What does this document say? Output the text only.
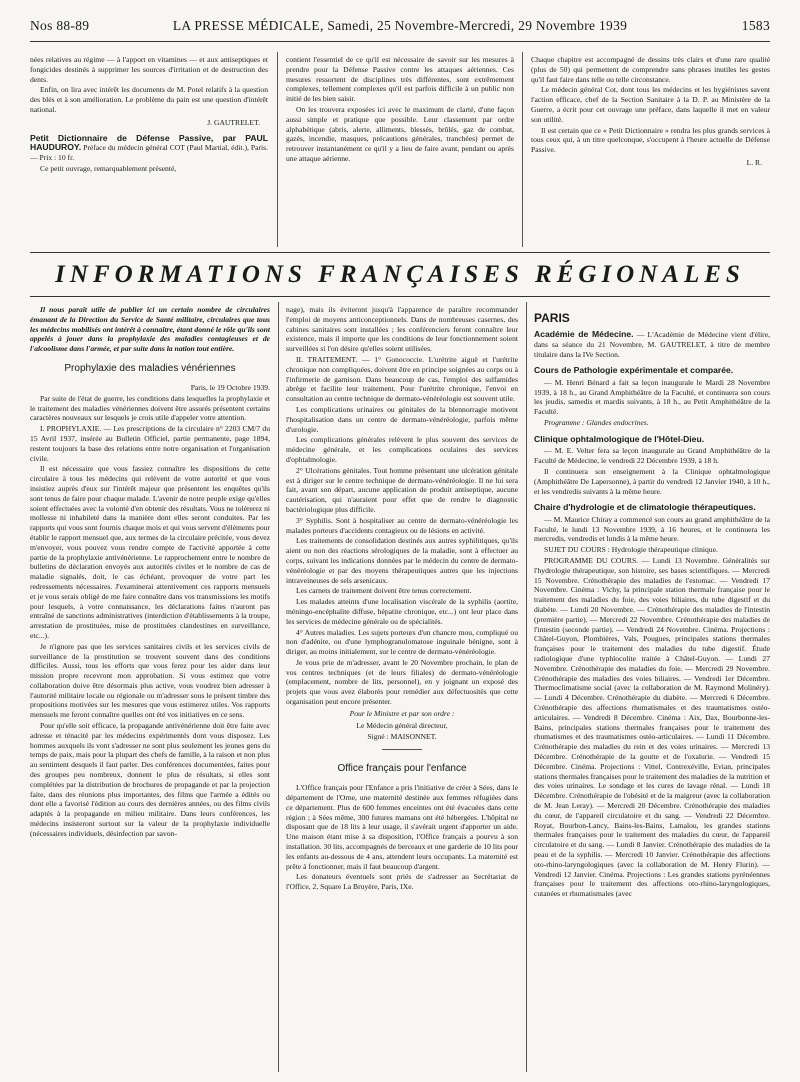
Nos 88-89	LA PRESSE MÉDICALE, Samedi, 25 Novembre-Mercredi, 29 Novembre 1939	1583

nées relatives au régime — à l'apport en vitamines — et aux antiseptiques et fongicides destinés à supprimer les sources d'irritation et de destruction des dents.

Enfin, on lira avec intérêt les documents de M. Potel relatifs à la question des blés et à son amélioration. Le problème du pain est une question d'intérêt national.

J. GAUTRELET.

Petit Dictionnaire de Défense Passive, par PAUL HAUDUROY. Préface du médecin général COT (Paul Martial, édit.), Paris. — Prix : 10 fr.

Ce petit ouvrage, remarquablement présenté,

contient l'essentiel de ce qu'il est nécessaire de savoir sur les mesures à prendre pour la Défense Passive contre les attaques aériennes. Ces mesures ressortent de disciplines très différentes, sont extrêmement complexes, tellement complexes qu'il est parfois difficile à un public non initié de les bien saisir.

On les trouvera exposées ici avec le maximum de clarté, d'une façon aussi simple et pratique que possible. Leur classement par ordre alphabétique (abris, alerte, alliments, blessés, brûlés, gaz de combat, gazés, incendie, masques, précautions générales, tranchées) permet de retrouver instantanément ce qu'il y a lieu de faire avant, pendant ou après une attaque aérienne.

Chaque chapitre est accompagné de dessins très clairs et d'une rare qualité (plus de 50) qui permettent de comprendre sans phrases inutiles les gestes qu'il faut faire dans telle ou telle circonstance.

Le médecin général Cot, dont tous les médecins et les hygiénistes savent l'action efficace, chef de la Section Sanitaire à la D. P. au Ministère de la Guerre, a écrit pour cet ouvrage une préface, dans laquelle il met en valeur son utilité.

Il est certain que ce « Petit Dictionnaire » rendra les plus grands services à tous ceux qui, à un titre quelconque, s'occupent à l'heure actuelle de Défense Passive.

L. R.

INFORMATIONS FRANÇAISES RÉGIONALES

Il nous paraît utile de publier ici un certain nombre de circulaires émanant de la Direction du Service de Santé militaire, circulaires que tous les médecins mobilisés ont intérêt à connaître, étant donné le rôle qu'ils sont appelés à jouer dans la prophylaxie des maladies contagieuses et de l'alcoolisme dans l'armée, et par suite dans la nation tout entière.

Prophylaxie des maladies vénériennes

Paris, le 19 Octobre 1939.

Par suite de l'état de guerre, les conditions dans lesquelles la prophylaxie et le traitement des maladies vénériennes doivent être assurés présentent certains caractères nouveaux sur lesquels je crois utile d'appeler votre attention.

I. PROPHYLAXIE. — Les prescriptions de la circulaire n° 2203 CM/7 du 15 Avril 1937, insérée au Bulletin Officiel, partie permanente, page 1894, restent toujours la base des relations entre notre organisation et l'organisation civile.

Il est nécessaire que vous fassiez connaître les dispositions de cette circulaire à tous les médecins qui relèvent de votre autorité et que vous insistiez auprès d'eux sur l'intérêt majeur que présentent les enquêtes qu'ils sont tenus de faire pour chaque malade. L'avenir de notre peuple exige qu'elles soient effectuées avec la volonté d'en obtenir des résultats. Vous ne tolérerez ni mollesse ni inhabileté dans la manière dont elles seront conduites. Par les rapports qui vous sont fournis chaque mois et qui vous servent d'éléments pour établir le rapport mensuel que, aux termes de la circulaire précitée, vous devez m'envoyer, vous pouvez vous rendre compte de l'activité apportée à cette partie de la prophylaxie antivénérienne. Le rapprochement entre le nombre de bulletins de déclaration envoyés aux autorités civiles et le nombre de cas de maladie signalés, doit, le cas échéant, provoquer de votre part les redressements nécessaires. J'examinerai attentivement ces rapports mensuels et je vous serais obligé de me faire connaître dans vos transmissions les motifs pour lesquels, à votre connaissance, les déclarations faites n'auront pas entraîné de sanctions administratives (interdiction d'établissements à la troupe, arrestation de prostituées, mise de prostituées clandestines en surveillance, etc...).

Je n'ignore pas que les services sanitaires civils et les services civils de surveillance de la prostitution se trouvent souvent dans des conditions difficiles. Aussi, tous les efforts que vous ferez pour les aider dans leur mission propre recevront mon approbation. Si vous estimez que votre collaboration doive être désormais plus active, vous voudrez bien adresser à l'autorité militaire locale ou régionale ou m'adresser sous le présent timbre des propositions motivées sur les mesures que vous estimerez utiles. Vos rapports mensuels me feront connaître quelles ont été vos initiatives en ce sens.

Pour qu'elle soit efficace, la propagande antivénérienne doit être faite avec adresse et ténacité par les médecins expérimentés dont vous disposez. Les hommes auxquels ils vont s'adresser ne sont plus seulement les jeunes gens du temps de paix, mais pour la plupart des chefs de famille, à la raison et non plus au sentiment desquels il faut parler. Des conférences documentées, faites pour des groupes peu nombreux, donnent le plus de résultats, si elles sont complétées par la distribution de brochures de propagande et par la projection faite, dans des réunions plus importantes, des films que l'armée a édités ou dont elle a favorisé l'édition au cours des dernières années, ou des films civils adaptés à la propagande en milieu militaire. Dans leurs conférences, les médecins insisteront surtout sur la valeur de la prophylaxie individuelle (nécessaires individuels, désinfection par savon-

nage), mais ils éviteront jusqu'à l'apparence de paraître recommander l'emploi de moyens anticonceptionnels. Dans de nombreuses casernes, des cabines sanitaires sont installées ; les conférenciers feront connaître leur existence, mais il importe que les conditions de leur fonctionnement soient surveillées si l'on désire qu'elles soient utilisées.

II. TRAITEMENT. — 1° Gonococcie. L'urétrite aiguë et l'urétrite chronique non compliquées, doivent être en principe soignées au corps ou à l'infirmerie de garnison. Dans beaucoup de cas, l'emploi des sulfamides abrège et facilite leur traitement. Pour l'urétrite chronique, l'envoi en consultation au centre technique de dermato-vénéréologie est souvent utile.

Les complications urinaires ou génitales de la blennorragie motivent l'hospitalisation dans un centre de dermato-vénéréologie, parfois même d'urologie.

Les complications générales relèvent le plus souvent des services de médecine générale, et les complications oculaires des services d'ophtalmologie.

2° Ulcérations génitales. Tout homme présentant une ulcération génitale est à diriger sur le centre technique de dermato-vénéréologie. Il ne lui sera fait, avant son départ, aucune application de produit antiseptique, aucune cautérisation, qui n'auraient pour effet que de rendre le diagnostic bactériologique plus difficile.

3° Syphilis. Sont à hospitaliser au centre de dermato-vénéréologie les malades porteurs d'accidents contagieux ou de lésions en activité.

Les traitements de consolidation destinés aux autres syphilitiques, qu'ils aient ou non des réactions sérologiques de la maladie, sont à effectuer au corps, suivant les indications données par le médecin du centre de dermato-vénéréologie et par des moyens thérapeutiques autres que les injections intraveineuses de sels arsenicaux.

Les carnets de traitement doivent être tenus correctement.

Les malades atteints d'une localisation viscérale de la syphilis (aortite, méningo-encéphalite diffuse, hépatite chronique, etc...) ont leur place dans les services de médecine générale ou de spécialités.

4° Autres maladies. Les sujets porteurs d'un chancre mou, compliqué ou non d'adénite, ou d'une lymphogranulomatose inguinale bénigne, sont à diriger, au moins initialement, sur le centre de dermato-vénéréologie.

Je vous prie de m'adresser, avant le 20 Novembre prochain, le plan de vos centres techniques (et de leurs filiales) de dermato-vénéréologie (emplacement, nombre de lits, personnel), en y joignant un exposé des projets que vous avez élaborés pour remédier aux défectuosités que cette organisation peut encore présenter.

Pour le Ministre et par son ordre :

Le Médecin général directeur,

Signé : MAISONNET.

Office français pour l'enfance

L'Office français pour l'Enfance a pris l'initiative de créer à Sées, dans le département de l'Orne, une maternité destinée aux femmes réfugiées dans ce département. Plus de 600 femmes enceintes ont été évacuées dans cette région ; à Sées même, 300 futures mamans ont été hébergées. L'hôpital ne disposant que de 18 lits à leur usage, il s'avérait urgent d'apporter un aide. Une maison étant mise à sa disposition, l'Office français a pourvu à son installation. 30 lits, accompagnés de berceaux et une garderie de 10 lits pour les enfants au-dessous de 4 ans, attendent leurs occupants. La maternité est prête à fonctionner, mais il faut beaucoup d'argent.

Les donateurs éventuels sont priés de s'adresser au Secrétariat de l'Office, 2, Square La Bruyère, Paris, IXe.

PARIS

Académie de Médecine. — L'Académie de Médecine vient d'élire, dans sa séance du 21 Novembre, M. GAUTRELET, à titre de membre titulaire dans la IVe Section.

Cours de Pathologie expérimentale et comparée.

— M. Henri Bénard a fait sa leçon inaugurale le Mardi 28 Novembre 1939, à 18 h., au Grand Amphithéâtre de la Faculté, et continuera son cours les jeudis, samedis et mardis suivants, à 18 h., au Petit Amphithéâtre de la Faculté.

Programme : Glandes endocrines.

Clinique ophtalmologique de l'Hôtel-Dieu.

— M. E. Velter fera sa leçon inaugurale au Grand Amphithéâtre de la Faculté de Médecine, le vendredi 22 Décembre 1939, à 18 h.

Il continuera son enseignement à la Clinique ophtalmologique (Amphithéâtre De Lapersonne), à partir du vendredi 12 Janvier 1940, à 10 h., et les vendredis suivants à la même heure.

Chaire d'hydrologie et de climatologie thérapeutiques.

— M. Maurice Chiray a commencé son cours au grand amphithéâtre de la Faculté, le lundi 13 Novembre 1939, à 16 heures, et le continuera les mercredis, vendredis et lundis à la même heure.

SUJET DU COURS : Hydrologie thérapeutique clinique.

PROGRAMME DU COURS. — Lundi 13 Novembre. Généralités sur l'hydrologie thérapeutique, son histoire, ses bases scientifiques. — Mercredi 15 Novembre. Crénothérapie des maladies de l'estomac. — Vendredi 17 Novembre. Cinéma : Vichy, la principale station thermale française pour le traitement des maladies du foie, des voies biliaires, du tube digestif et du diabète. — Lundi 20 Novembre. — Crénothérapie des maladies de l'intestin (première partie). — Mercredi 22 Novembre. Crénothérapie des maladies de l'intestin (seconde partie). — Vendredi 24 Novembre. Cinéma. Projections : Châtel-Guyon, Plombières, Vals, Pougues, principales stations thermales françaises pour le traitement des maladies du tube digestif. Étude radiologique d'une typhlocolite traitée à Châtel-Guyon. — Lundi 27 Novembre. Crénothérapie des maladies du foie. — Mercredi 29 Novembre. Crénothérapie des maladies des voies biliaires. — Vendredi 1er Décembre. Thermoclimatisme social (avec la collaboration de M. Raymond Molinéry). — Lundi 4 Décembre. Crénothérapie du diabète. — Mercredi 6 Décembre. Crénothérapie des affections rhumatismales et des traumatismes ostéo-articulaires. — Vendredi 8 Décembre. Cinéma : Aix, Dax, Bourbonne-les-Bains, principales stations thermales françaises pour le traitement des rhumatismes et des traumatismes ostéo-articulaires. — Lundi 11 Décembre. Crénothérapie des maladies du rein et des voies urinaires. — Mercredi 13 Décembre. Crénothérapie de la goutte et de l'oxalurie. — Vendredi 15 Décembre. Cinéma. Projections : Vittel, Contrexéville, Evian, principales stations thermales françaises pour le traitement des maladies de la nutrition et des voies urinaires. Le sondage et les cures de lavage rénal. — Lundi 18 Décembre. Crénothérapie de l'obésité et de la maigreur (avec la collaboration de M. Jean Leray). — Mercredi 20 Décembre. Crénothérapie des maladies du cœur, de l'appareil circulatoire et du sang. — Vendredi 22 Décembre. Royat, Bourbon-Lancy, Bains-les-Bains, Lamalou, les grandes stations thermales françaises pour le traitement des maladies du cœur, de l'appareil circulatoire et du sang. — Lundi 8 Janvier. Crénothérapie des maladies de la peau et de la syphilis. — Mercredi 10 Janvier. Crénothérapie des affections oto-rhino-laryngologiques (avec la collaboration de M. Henry Flurin). — Vendredi 12 Janvier. Cinéma. Projections : Les grandes stations pyrénéennes françaises pour le traitement des affections oto-rhino-laryngologiques, cutanées et rhumatismales (avec
